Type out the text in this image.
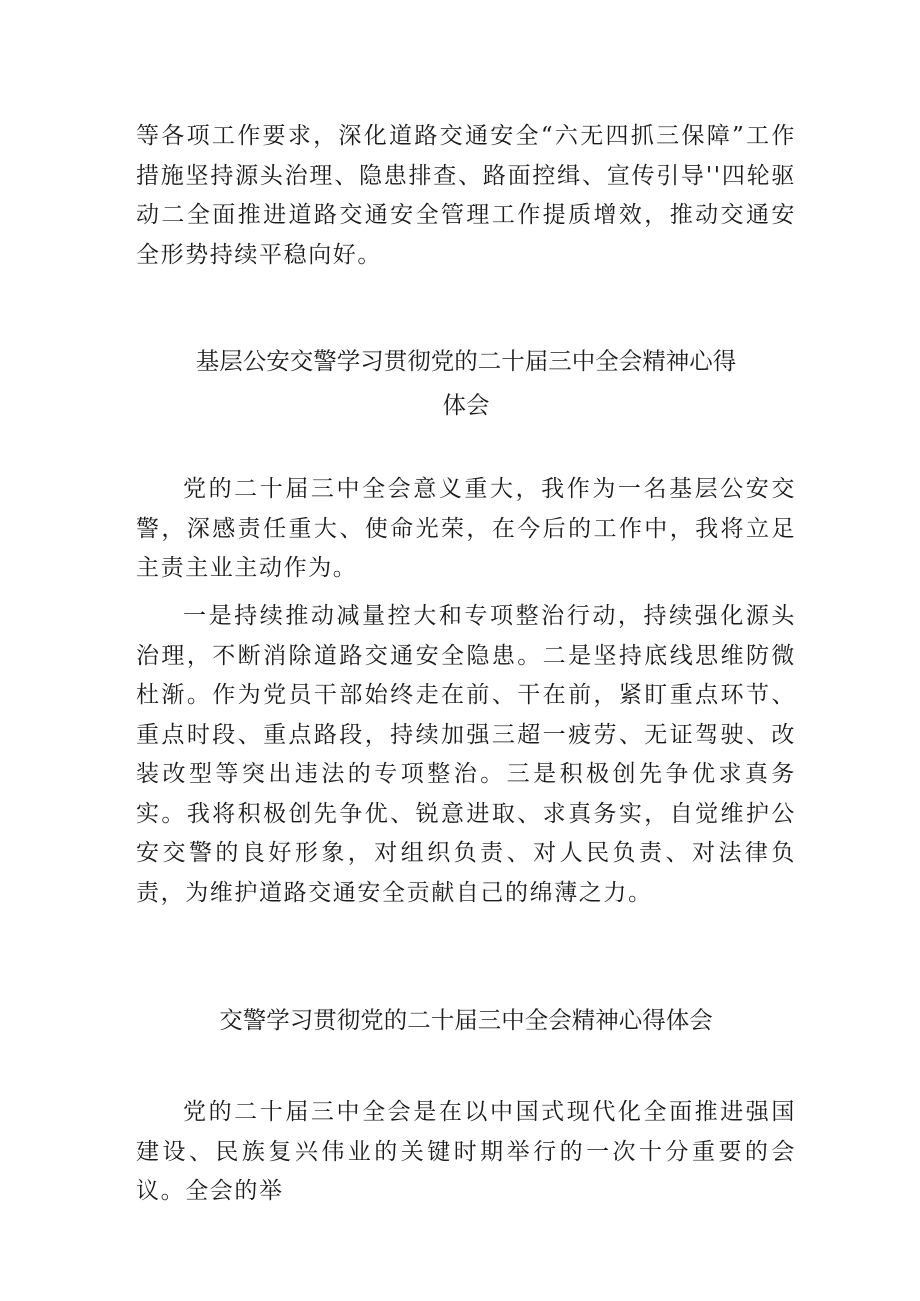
等各项工作要求，深化道路交通安全“六无四抓三保障”工作措施坚持源头治理、隐患排查、路面控缉、宣传引导''四轮驱动二全面推进道路交通安全管理工作提质增效，推动交通安全形势持续平稳向好。

基层公安交警学习贯彻党的二十届三中全会精神心得
体会

党的二十届三中全会意义重大，我作为一名基层公安交警，深感责任重大、使命光荣，在今后的工作中，我将立足主责主业主动作为。

一是持续推动减量控大和专项整治行动，持续强化源头治理，不断消除道路交通安全隐患。二是坚持底线思维防微杜渐。作为党员干部始终走在前、干在前，紧盯重点环节、重点时段、重点路段，持续加强三超一疲劳、无证驾驶、改装改型等突出违法的专项整治。三是积极创先争优求真务实。我将积极创先争优、锐意进取、求真务实，自觉维护公安交警的良好形象，对组织负责、对人民负责、对法律负责，为维护道路交通安全贡献自己的绵薄之力。

交警学习贯彻党的二十届三中全会精神心得体会

党的二十届三中全会是在以中国式现代化全面推进强国建设、民族复兴伟业的关键时期举行的一次十分重要的会议。全会的举
